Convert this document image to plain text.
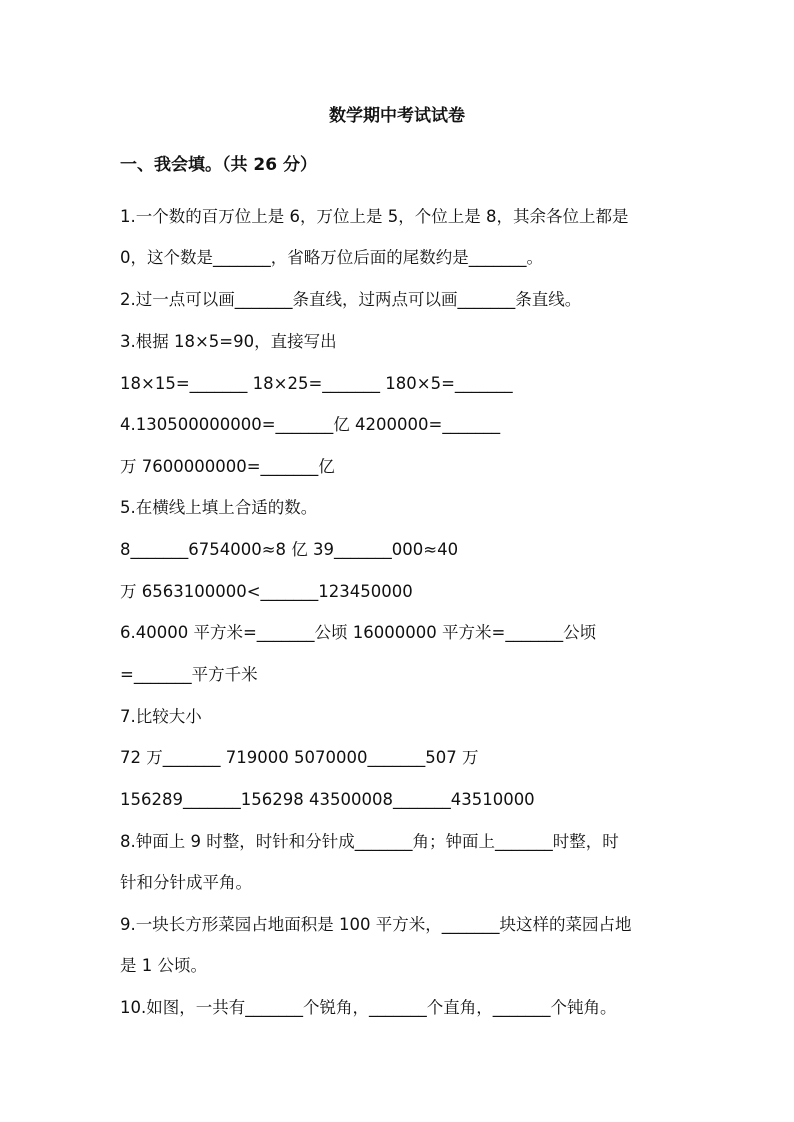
数学期中考试试卷
一、我会填。（共 26 分）
1.一个数的百万位上是 6，万位上是 5，个位上是 8，其余各位上都是
0，这个数是_______，省略万位后面的尾数约是_______。
2.过一点可以画_______条直线，过两点可以画_______条直线。
3.根据 18×5=90，直接写出
18×15=_______ 18×25=_______ 180×5=_______
4.130500000000=_______亿 4200000=_______
万 7600000000=_______亿
5.在横线上填上合适的数。
8_______6754000≈8 亿 39_______000≈40
万 6563100000<_______123450000
6.40000 平方米=_______公顷 16000000 平方米=_______公顷
=_______平方千米
7.比较大小
72 万_______ 719000 5070000_______507 万
156289_______156298 43500008_______43510000
8.钟面上 9 时整，时针和分针成_______角；钟面上_______时整，时
针和分针成平角。
9.一块长方形菜园占地面积是 100 平方米，_______块这样的菜园占地
是 1 公顷。
10.如图，一共有_______个锐角，_______个直角，_______个钝角。
